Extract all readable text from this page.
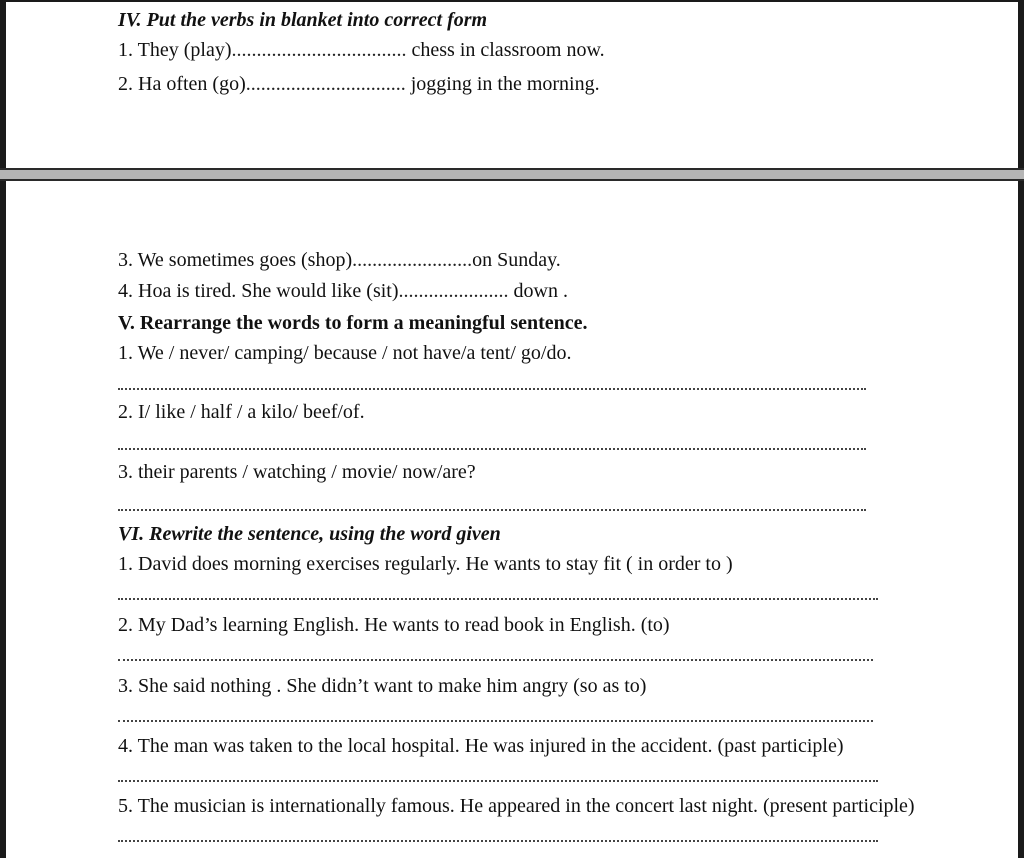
IV. Put the verbs in blanket into correct form
1. They (play)................................... chess in classroom now.
2. Ha often (go)................................ jogging in the morning.
3. We sometimes goes (shop)........................on Sunday.
4. Hoa is tired. She would like (sit)...................... down .
V. Rearrange the words to form a meaningful sentence.
1. We / never/ camping/ because / not have/a tent/ go/do.
2. I/ like / half / a kilo/ beef/of.
3. their parents / watching / movie/ now/are?
VI. Rewrite the sentence, using the word given
1. David does morning exercises regularly. He wants to stay fit ( in order to )
2. My Dad’s learning English. He wants to read book in English. (to)
3. She said nothing . She didn’t want to make him angry (so as to)
4. The man was taken to the local hospital. He was injured in the accident. (past participle)
5. The musician is internationally famous. He appeared in the concert last night. (present participle)
